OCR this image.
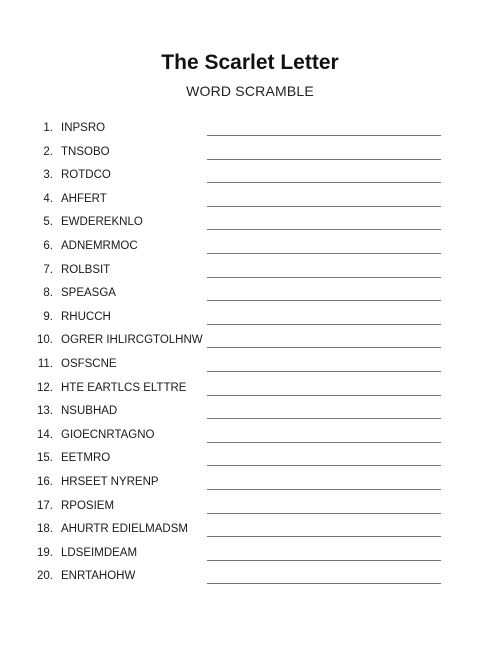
The Scarlet Letter
WORD SCRAMBLE
1. INPSRO
2. TNSOBO
3. ROTDCO
4. AHFERT
5. EWDEREKNLO
6. ADNEMRMOC
7. ROLBSIT
8. SPEASGA
9. RHUCCH
10. OGRER IHLIRCGTOLHNW
11. OSFSCNE
12. HTE EARTLCS ELTTRE
13. NSUBHAD
14. GIOECNRTAGNO
15. EETMRO
16. HRSEET NYRENP
17. RPOSIEM
18. AHURTR EDIELMADSM
19. LDSEIMDEAM
20. ENRTAHOHW
